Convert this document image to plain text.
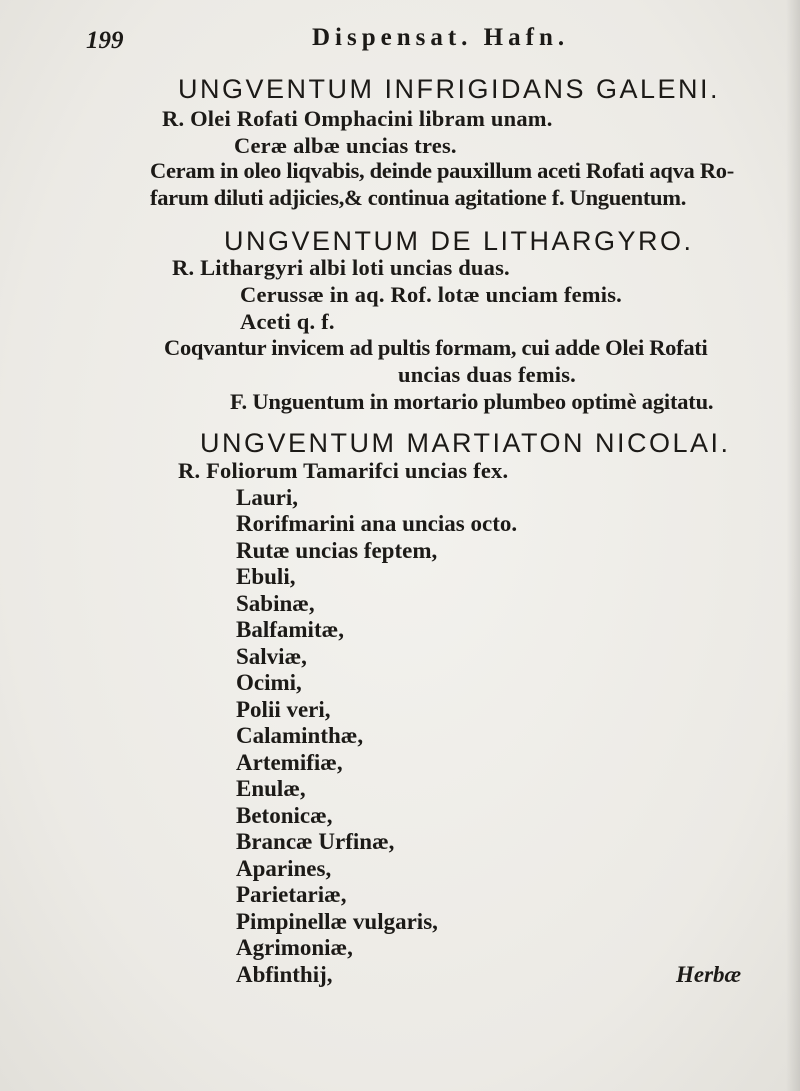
199	Dispensat. Hafn.
UNGVENTUM INFRIGIDANS GALENI.
R. Olei Rofati Omphacini libram unam.
Ceræ albæ uncias tres.
Ceram in oleo liqvabis, deinde pauxillum aceti Rofati aqva Ro-
farum diluti adjicies,& continua agitatione f. Unguentum.
UNGVENTUM DE LITHARGYRO.
R. Lithargyri albi loti uncias duas.
Cerussæ in aq. Rof. lotæ unciam femis.
Aceti q. f.
Coqvantur invicem ad pultis formam, cui adde Olei Rofati
uncias duas femis.
F. Unguentum in mortario plumbeo optimè agitatu.
UNGVENTUM MARTIATON NICOLAI.
R. Foliorum Tamarifci uncias fex.
Lauri,
Rorifmarini ana uncias octo.
Rutæ uncias feptem,
Ebuli,
Sabinæ,
Balfamitæ,
Salviæ,
Ocimi,
Polii veri,
Calaminthæ,
Artemifiæ,
Enulæ,
Betonicæ,
Brancæ Urfinæ,
Aparines,
Parietariæ,
Pimpinellæ vulgaris,
Agrimoniæ,
Abfinthij,	Herbæ
